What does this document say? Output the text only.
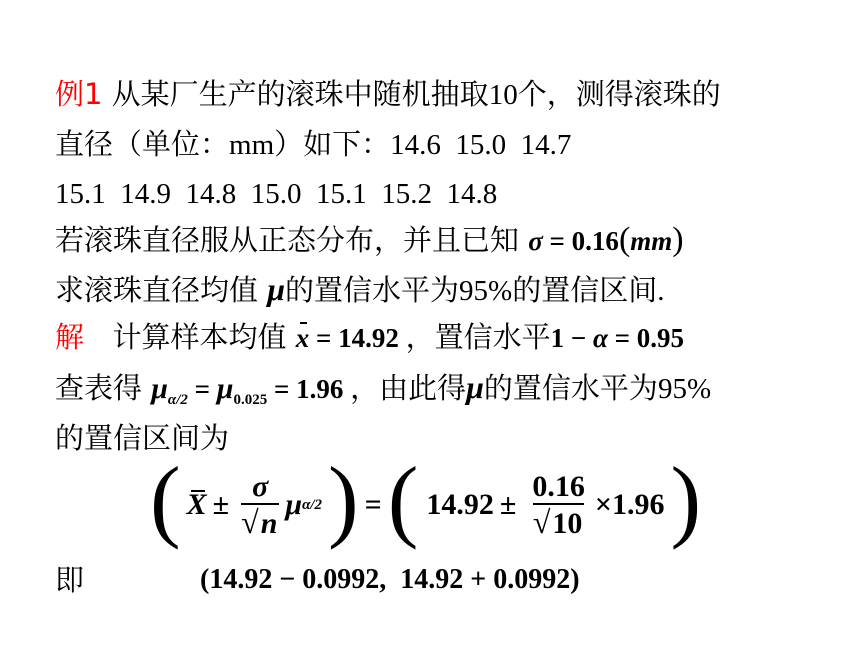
例1 从某厂生产的滚珠中随机抽取10个，测得滚珠的
直径（单位：mm）如下：14.6  15.0  14.7
15.1  14.9  14.8  15.0  15.1  15.2  14.8
若滚珠直径服从正态分布，并且已知 σ = 0.16(mm)
求滚珠直径均值 μ的置信水平为95%的置信区间.
解 计算样本均值 x = 14.92 ，置信水平1 − α = 0.95
查表得 $\mu_{\alpha/2} = \mu_{0.025} = 1.96$ ，由此得μ的置信水平为95%
的置信区间为
( X ±
σ
√ n
μ α/2 ) = ( 14.92 ±
0.16
√ 10
× 1.96 )
即	(14.92 − 0.0992,  14.92 + 0.0992)
